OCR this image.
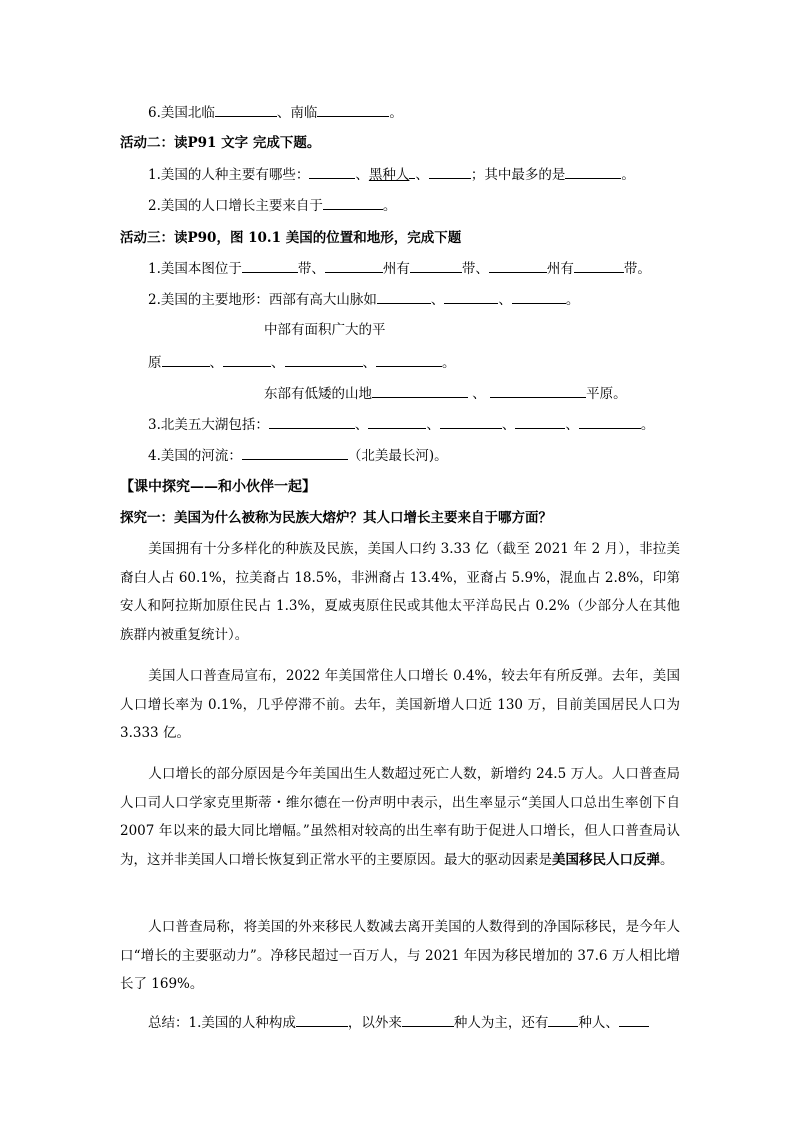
6.美国北临	、南临	。
活动二：读P91 文字 完成下题。
1.美国的人种主要有哪些：	、黑种人 、	；其中最多的是	。
2.美国的人口增长主要来自于	。
活动三：读P90，图 10.1 美国的位置和地形，完成下题
1.美国本图位于	带、	州有	带、	州有	带。
2.美国的主要地形：西部有高大山脉如	、	、	。
中部有面积广大的平
原	、	、	、	。
东部有低矮的山地	、	平原。
3.北美五大湖包括：	、	、	、	、	。
4.美国的河流：	（北美最长河)。
【课中探究——和小伙伴一起】
探究一：美国为什么被称为民族大熔炉？其人口增长主要来自于哪方面？
美国拥有十分多样化的种族及民族，美国人口约 3.33 亿（截至 2021 年 2 月），非拉美裔白人占 60.1%，拉美裔占 18.5%，非洲裔占 13.4%，亚裔占 5.9%，混血占 2.8%，印第安人和阿拉斯加原住民占 1.3%，夏威夷原住民或其他太平洋岛民占 0.2%（少部分人在其他族群内被重复统计）。
美国人口普查局宣布，2022 年美国常住人口增长 0.4%，较去年有所反弹。去年，美国人口增长率为 0.1%，几乎停滞不前。去年，美国新增人口近 130 万，目前美国居民人口为 3.333 亿。
人口增长的部分原因是今年美国出生人数超过死亡人数，新增约 24.5 万人。人口普查局人口司人口学家克里斯蒂・维尔德在一份声明中表示，出生率显示“美国人口总出生率创下自 2007 年以来的最大同比增幅。”虽然相对较高的出生率有助于促进人口增长，但人口普查局认为，这并非美国人口增长恢复到正常水平的主要原因。最大的驱动因素是美国移民人口反弹。
人口普查局称，将美国的外来移民人数减去离开美国的人数得到的净国际移民，是今年人口“增长的主要驱动力”。净移民超过一百万人，与 2021 年因为移民增加的 37.6 万人相比增长了 169%。
总结：1.美国的人种构成	，以外来	种人为主，还有 种人、
